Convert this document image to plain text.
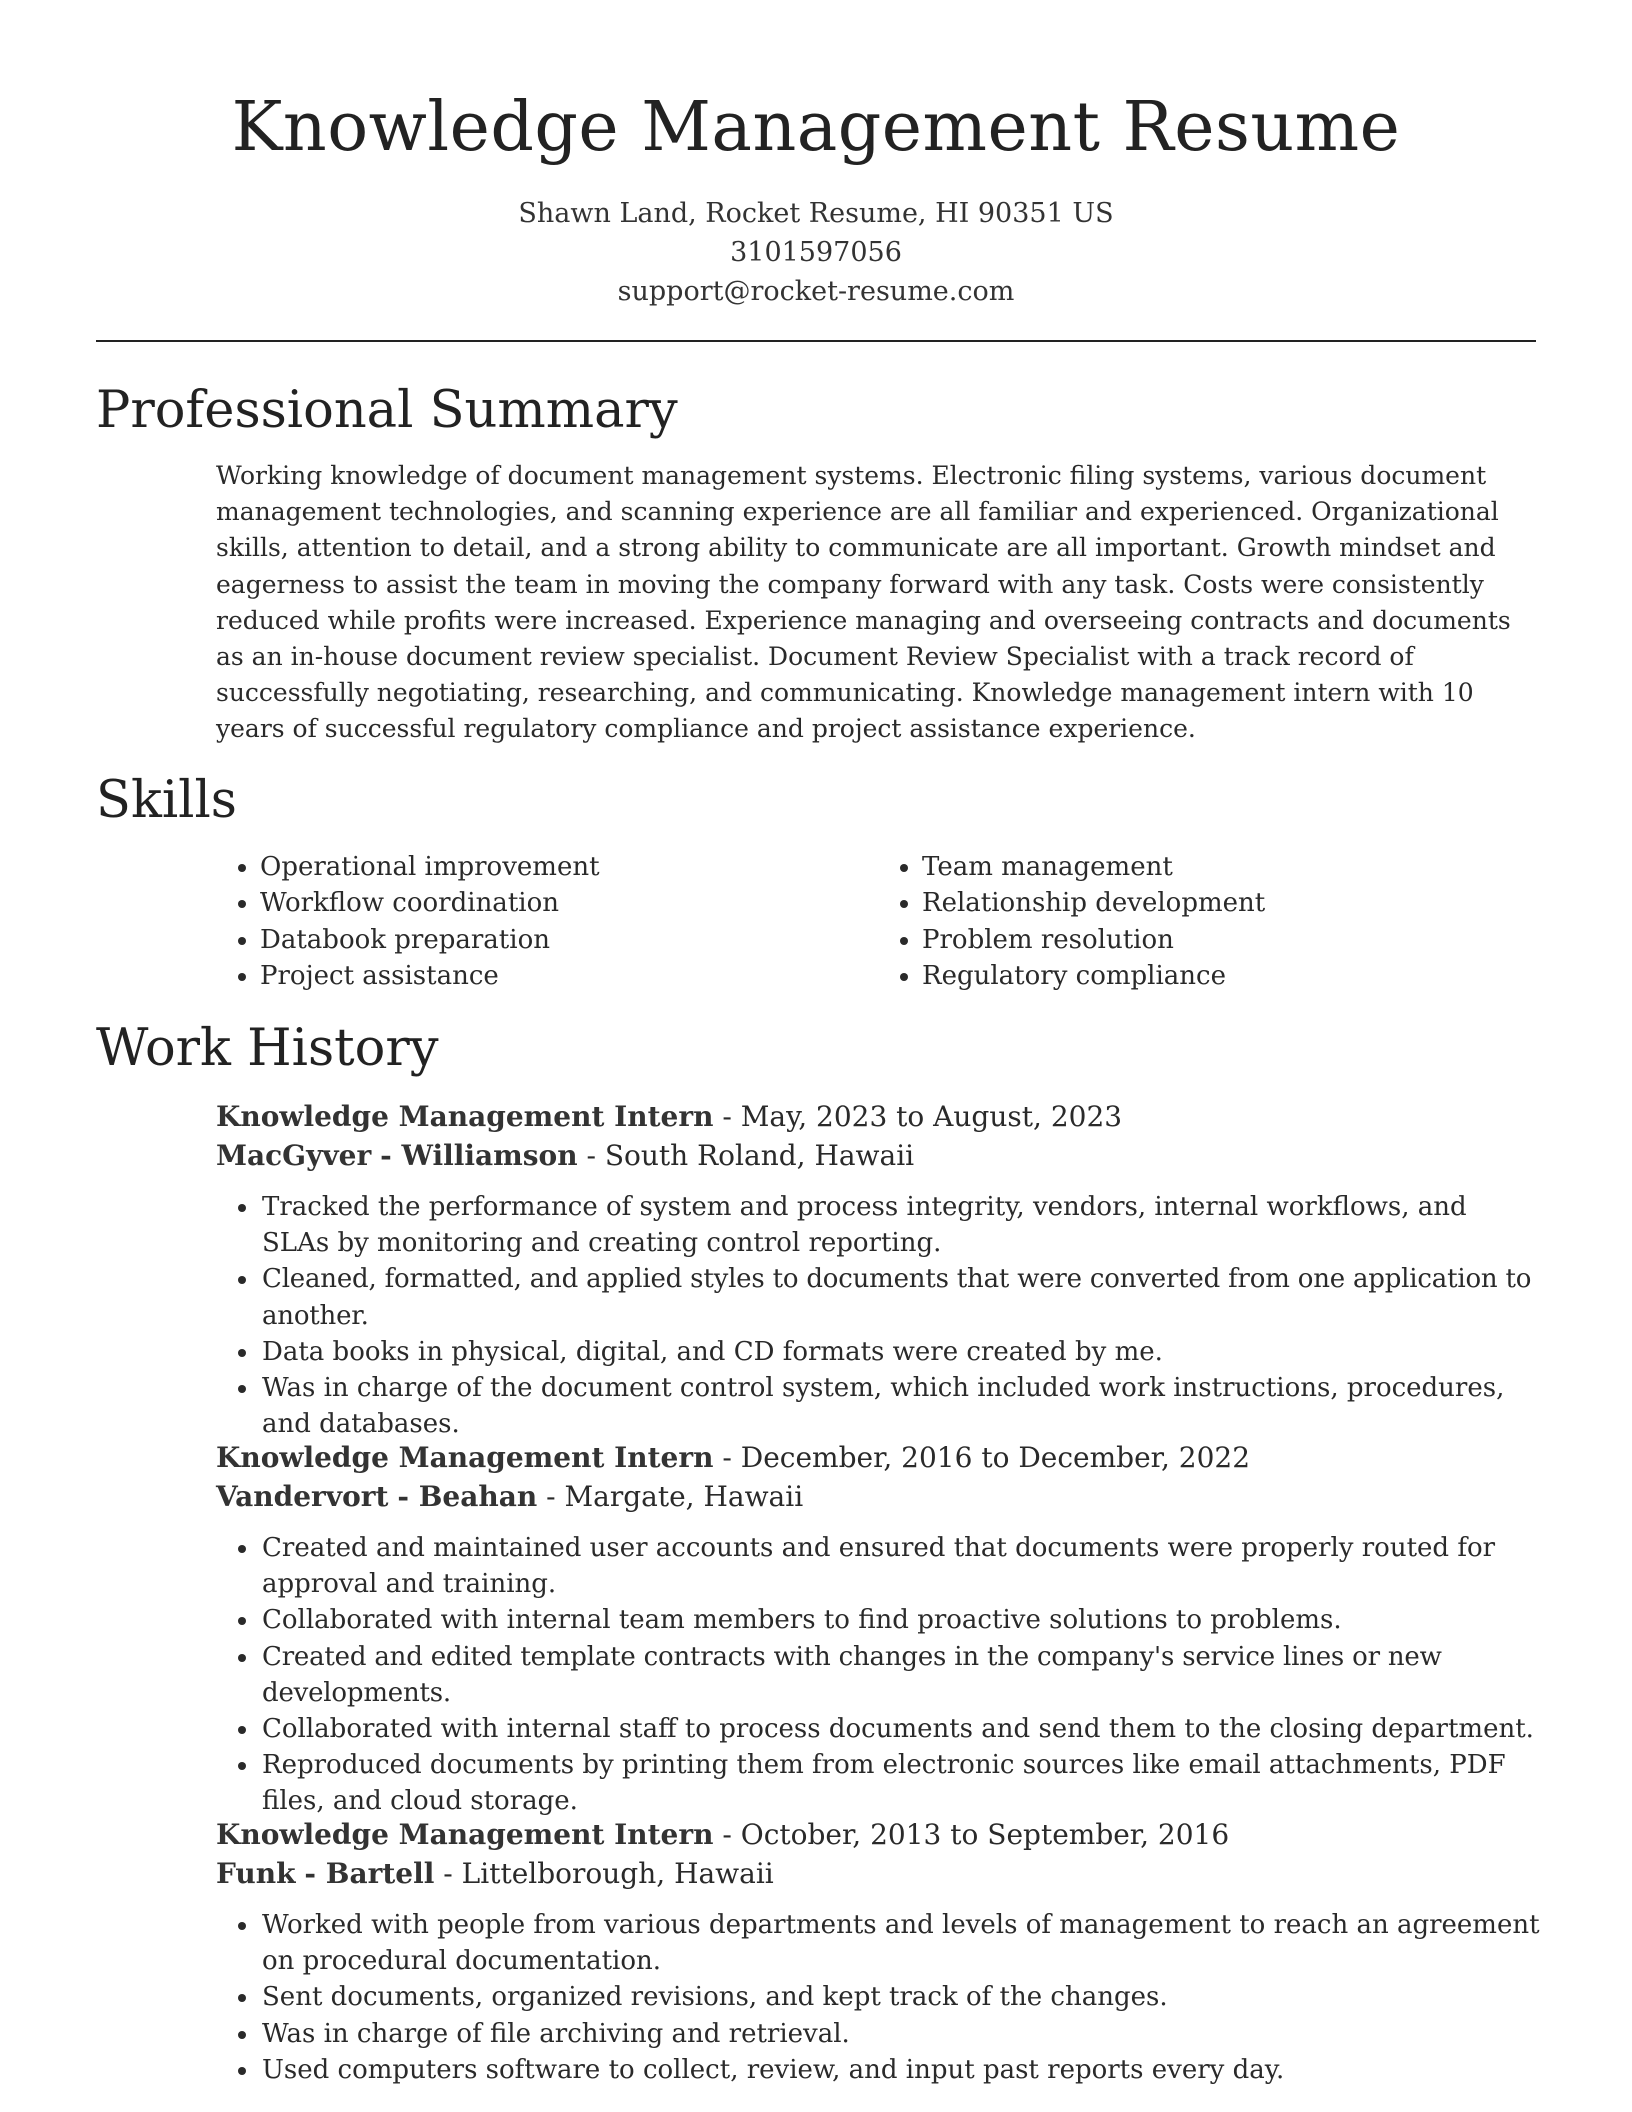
Knowledge Management Resume
Shawn Land, Rocket Resume, HI 90351 US
3101597056
support@rocket-resume.com
Professional Summary

Working knowledge of document management systems. Electronic filing systems, various document management technologies, and scanning experience are all familiar and experienced. Organizational skills, attention to detail, and a strong ability to communicate are all important. Growth mindset and eagerness to assist the team in moving the company forward with any task. Costs were consistently reduced while profits were increased. Experience managing and overseeing contracts and documents as an in-house document review specialist. Document Review Specialist with a track record of successfully negotiating, researching, and communicating. Knowledge management intern with 10 years of successful regulatory compliance and project assistance experience.

Skills
• Operational improvement
• Workflow coordination
• Databook preparation
• Project assistance
• Team management
• Relationship development
• Problem resolution
• Regulatory compliance
Work History
Knowledge Management Intern - May, 2023 to August, 2023
MacGyver - Williamson - South Roland, Hawaii
• Tracked the performance of system and process integrity, vendors, internal workflows, and SLAs by monitoring and creating control reporting.
• Cleaned, formatted, and applied styles to documents that were converted from one application to another.
• Data books in physical, digital, and CD formats were created by me.
• Was in charge of the document control system, which included work instructions, procedures, and databases.
Knowledge Management Intern - December, 2016 to December, 2022
Vandervort - Beahan - Margate, Hawaii
• Created and maintained user accounts and ensured that documents were properly routed for approval and training.
• Collaborated with internal team members to find proactive solutions to problems.
• Created and edited template contracts with changes in the company's service lines or new developments.
• Collaborated with internal staff to process documents and send them to the closing department.
• Reproduced documents by printing them from electronic sources like email attachments, PDF files, and cloud storage.
Knowledge Management Intern - October, 2013 to September, 2016
Funk - Bartell - Littelborough, Hawaii
• Worked with people from various departments and levels of management to reach an agreement on procedural documentation.
• Sent documents, organized revisions, and kept track of the changes.
• Was in charge of file archiving and retrieval.
• Used computers software to collect, review, and input past reports every day.
